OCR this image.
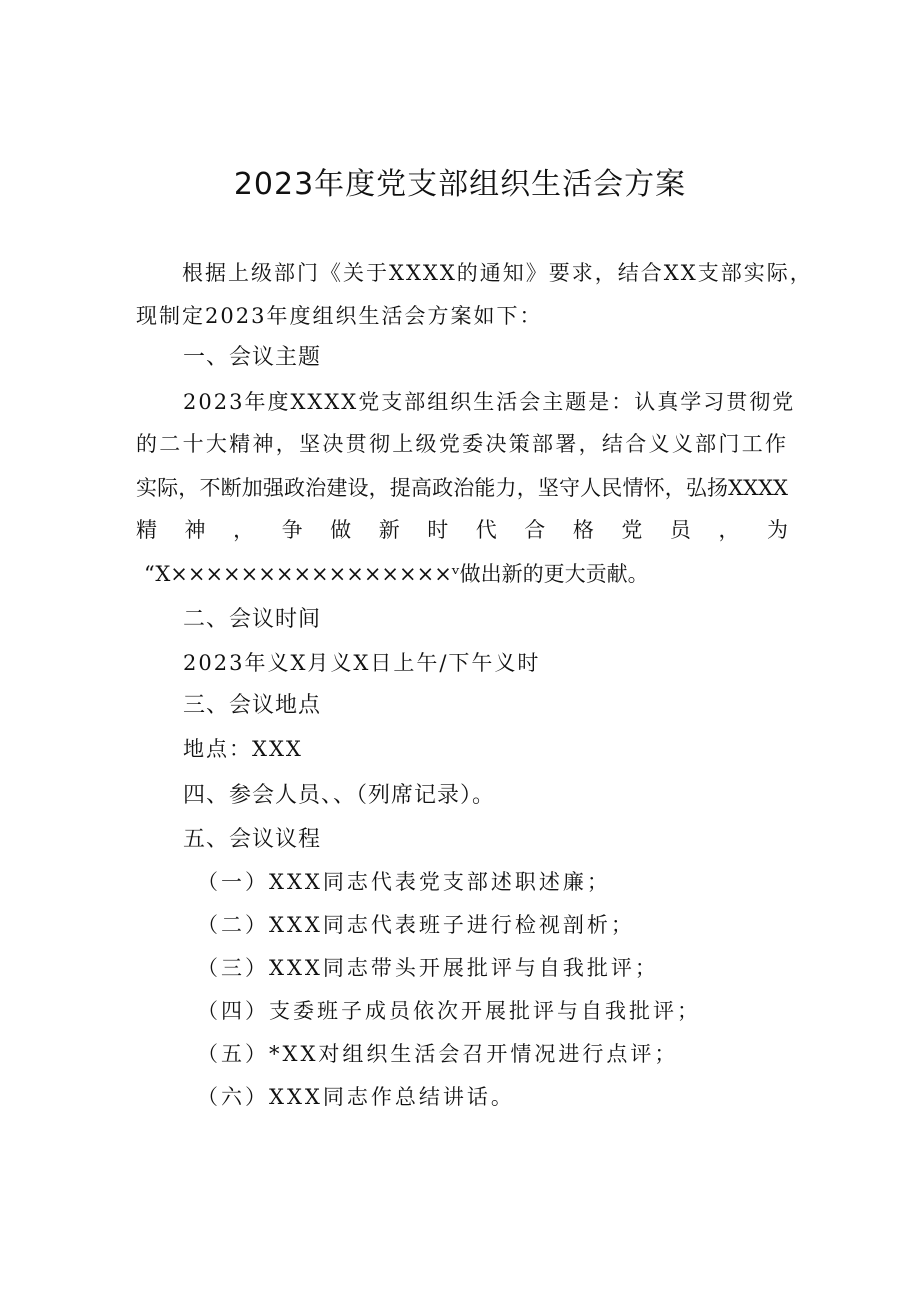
2023年度党支部组织生活会方案
根据上级部门《关于XXXX的通知》要求，结合XX支部实际，
现制定2023年度组织生活会方案如下：
一、会议主题
2023年度XXXX党支部组织生活会主题是：认真学习贯彻党
的二十大精神，坚决贯彻上级党委决策部署，结合义义部门工作
实际，不断加强政治建设，提高政治能力，坚守人民情怀，弘扬XXXX
精 神 ， 争 做 新 时 代 合 格 党 员 ， 为
“X××××××××××××××××ᵛ做出新的更大贡献。
二、会议时间
2023年义X月义X日上午/下午义时
三、会议地点
地点：XXX
四、参会人员、、（列席记录）。
五、会议议程
（一）XXX同志代表党支部述职述廉；
（二）XXX同志代表班子进行检视剖析；
（三）XXX同志带头开展批评与自我批评；
（四）支委班子成员依次开展批评与自我批评；
（五）*XX对组织生活会召开情况进行点评；
（六）XXX同志作总结讲话。
